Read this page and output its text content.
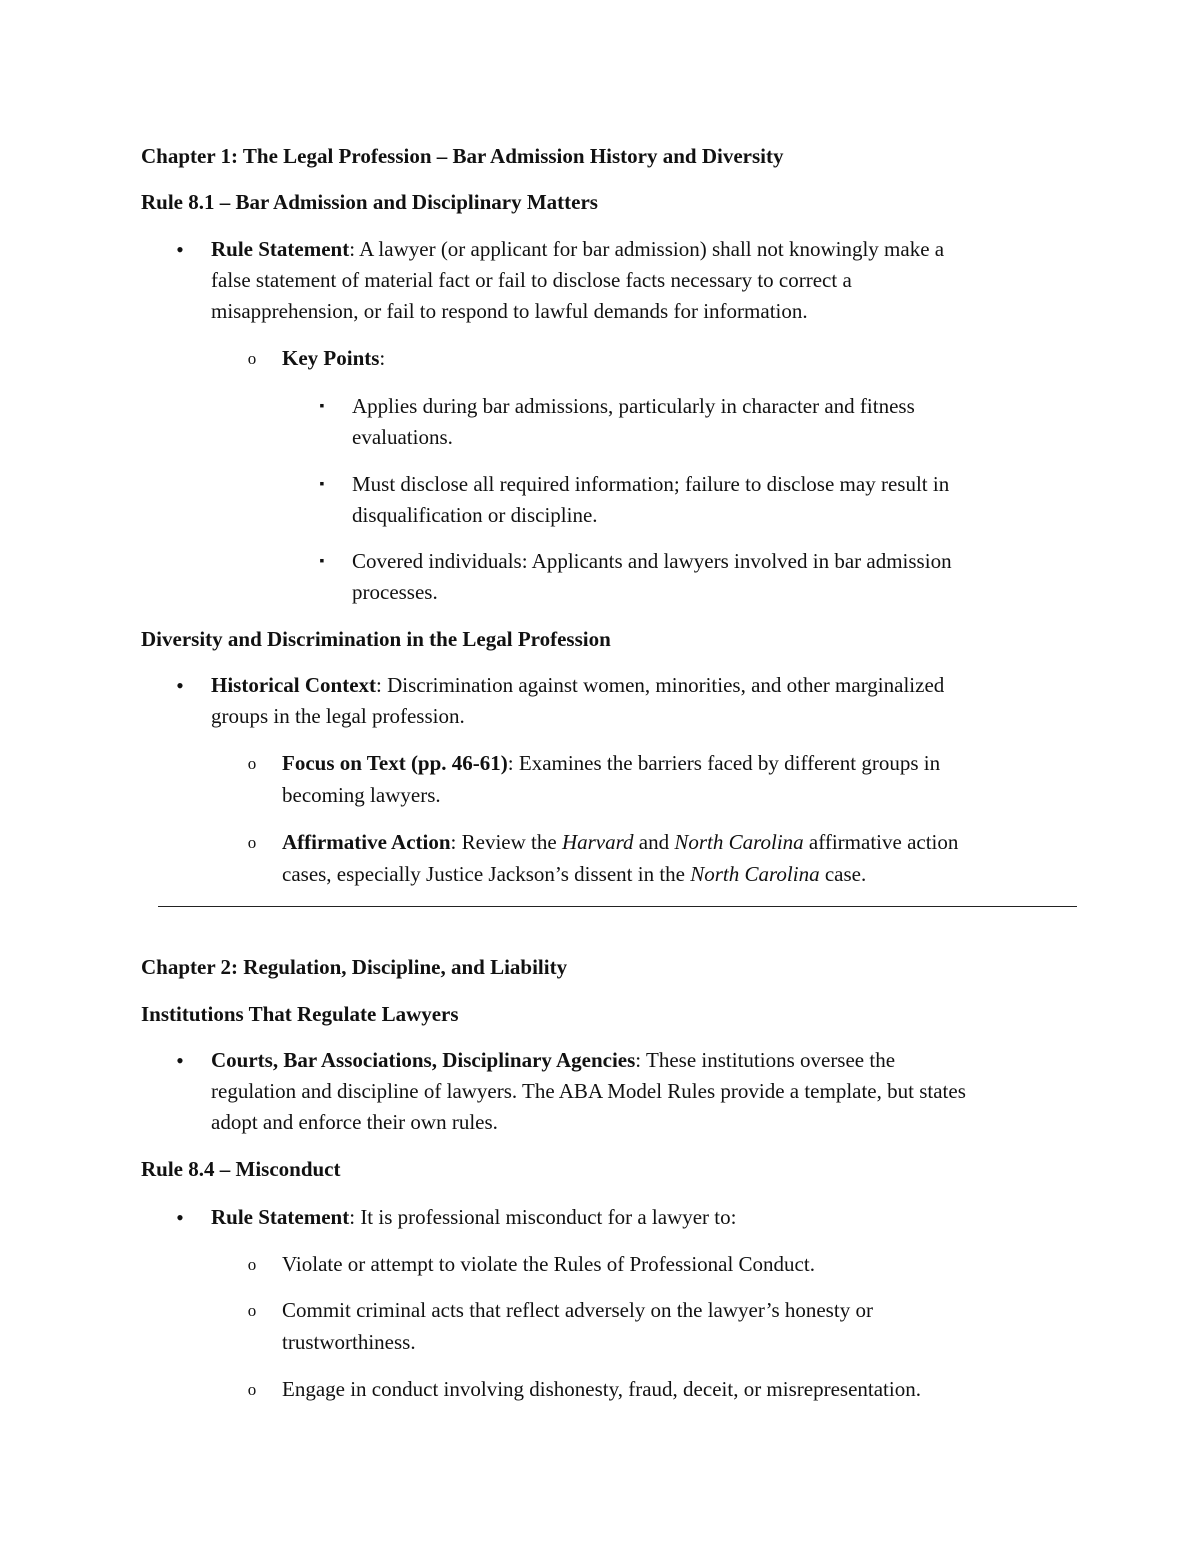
Chapter 1: The Legal Profession – Bar Admission History and Diversity
Rule 8.1 – Bar Admission and Disciplinary Matters
• Rule Statement: A lawyer (or applicant for bar admission) shall not knowingly make a
false statement of material fact or fail to disclose facts necessary to correct a
misapprehension, or fail to respond to lawful demands for information.
o Key Points:
▪	Applies during bar admissions, particularly in character and fitness
evaluations.
▪	Must disclose all required information; failure to disclose may result in
disqualification or discipline.
▪	Covered individuals: Applicants and lawyers involved in bar admission
processes.
Diversity and Discrimination in the Legal Profession
• Historical Context: Discrimination against women, minorities, and other marginalized
groups in the legal profession.
o Focus on Text (pp. 46-61): Examines the barriers faced by different groups in
becoming lawyers.
o Affirmative Action: Review the Harvard and North Carolina affirmative action
cases, especially Justice Jackson’s dissent in the North Carolina case.
Chapter 2: Regulation, Discipline, and Liability
Institutions That Regulate Lawyers
• Courts, Bar Associations, Disciplinary Agencies: These institutions oversee the
regulation and discipline of lawyers. The ABA Model Rules provide a template, but states
adopt and enforce their own rules.
Rule 8.4 – Misconduct
• Rule Statement: It is professional misconduct for a lawyer to:
o Violate or attempt to violate the Rules of Professional Conduct.
o Commit criminal acts that reflect adversely on the lawyer’s honesty or
trustworthiness.
o Engage in conduct involving dishonesty, fraud, deceit, or misrepresentation.
